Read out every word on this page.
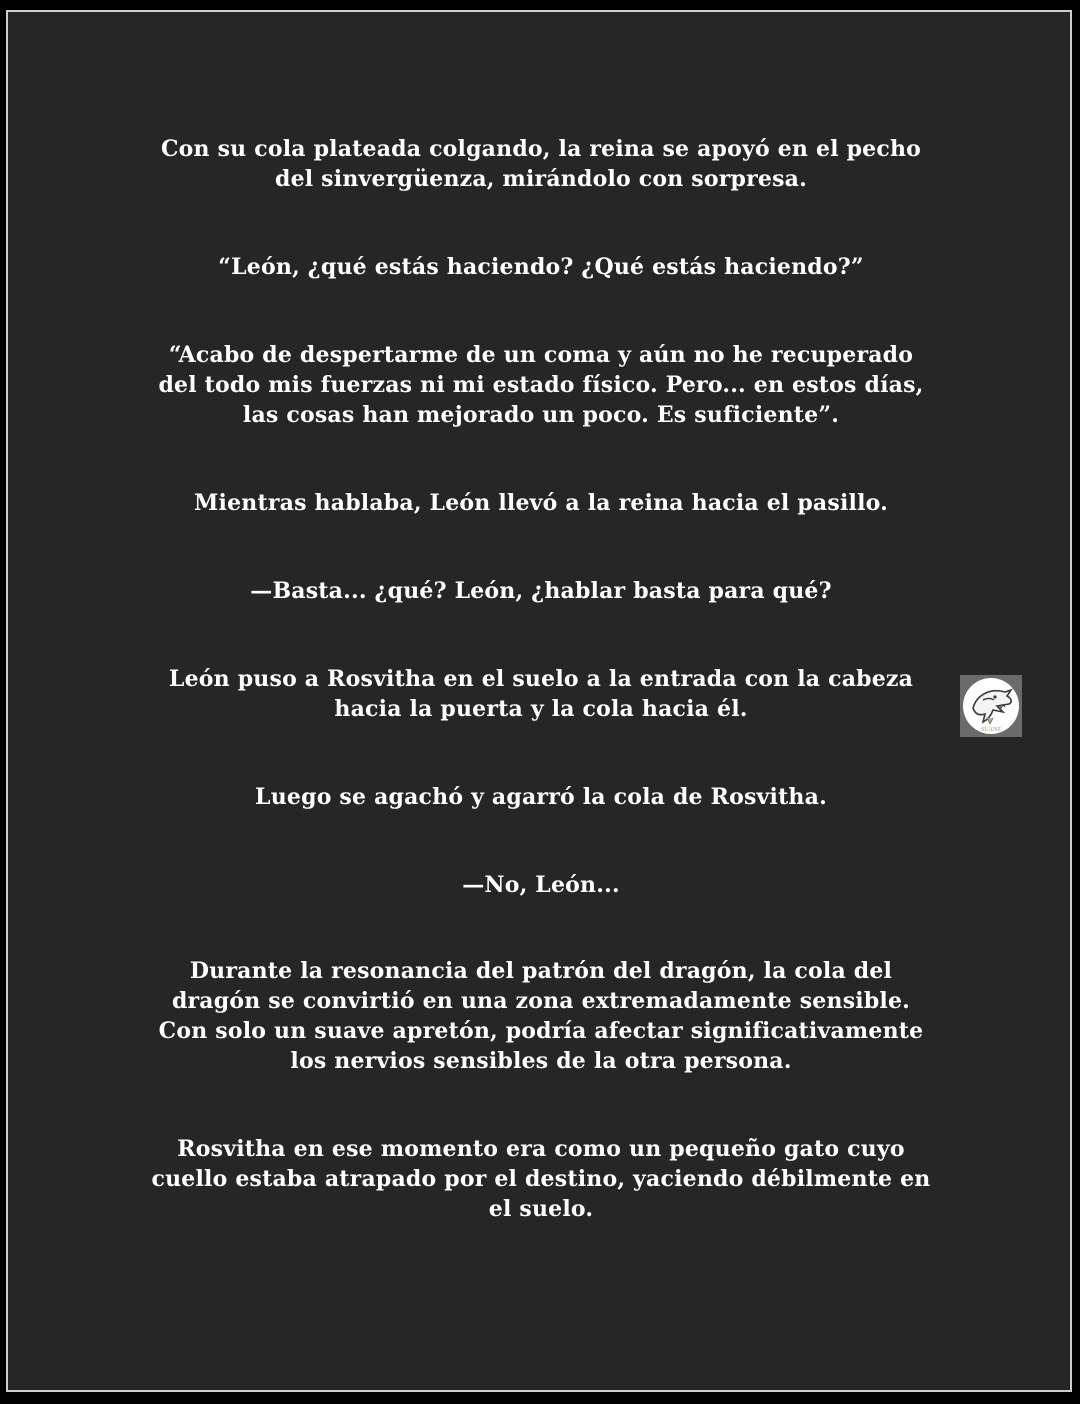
Con su cola plateada colgando, la reina se apoyó en el pecho
del sinvergüenza, mirándolo con sorpresa.

“León, ¿qué estás haciendo? ¿Qué estás haciendo?”

“Acabo de despertarme de un coma y aún no he recuperado
del todo mis fuerzas ni mi estado físico. Pero... en estos días,
las cosas han mejorado un poco. Es suficiente”.

Mientras hablaba, León llevó a la reina hacia el pasillo.

—Basta... ¿qué? León, ¿hablar basta para qué?

León puso a Rosvitha en el suelo a la entrada con la cabeza
hacia la puerta y la cola hacia él.

Luego se agachó y agarró la cola de Rosvitha.

—No, León...

Durante la resonancia del patrón del dragón, la cola del
dragón se convirtió en una zona extremadamente sensible.
Con solo un suave apretón, podría afectar significativamente
los nervios sensibles de la otra persona.

Rosvitha en ese momento era como un pequeño gato cuyo
cuello estaba atrapado por el destino, yaciendo débilmente en
el suelo.

SUANZ
